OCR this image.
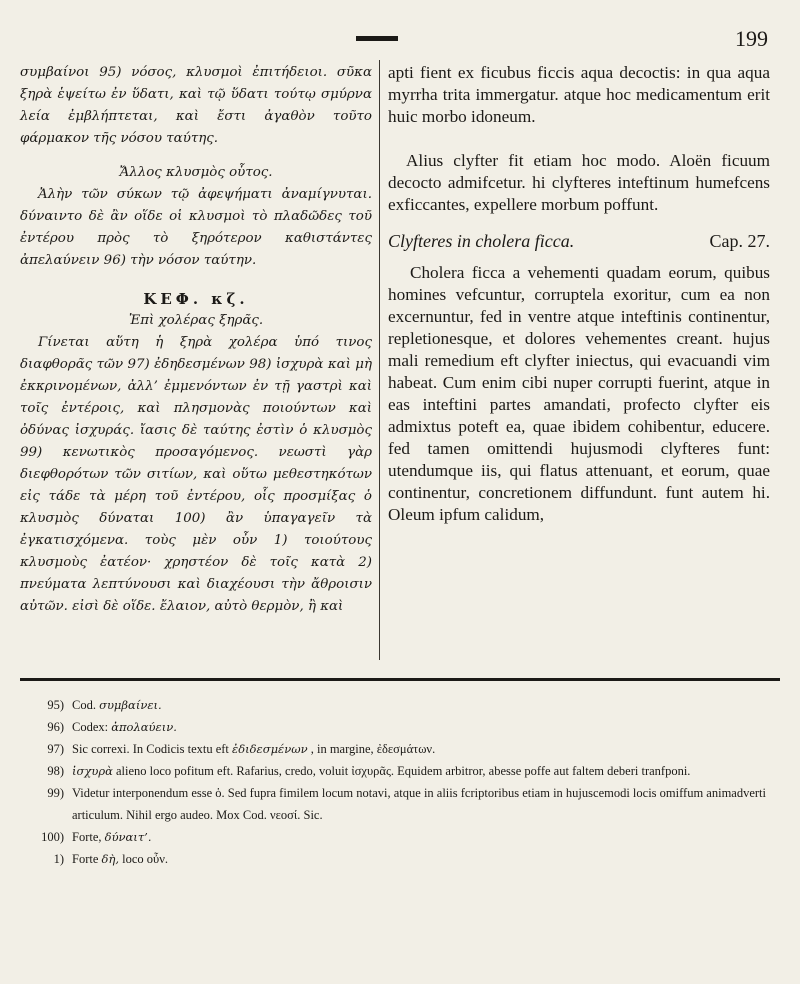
199

συμβαίνοι 95) νόσος, κλυσμοὶ ἐπιτήδειοι. σῦκα ξηρὰ ἑψείτω ἐν ὕδατι, καὶ τῷ ὕδατι τούτῳ σμύρνα λεία ἐμβλήπτεται, καὶ ἔστι ἀγαθὸν τοῦτο φάρμακον τῆς νόσου ταύτης.

Ἄλλος κλυσμὸς οὗτος.

Ἀλὴν τῶν σύκων τῷ ἀφεψήματι ἀναμίγνυται. δύναιντο δὲ ἂν οἵδε οἱ κλυσμοὶ τὸ πλαδῶδες τοῦ ἐντέρου πρὸς τὸ ξηρότερον καθιστάντες ἀπελαύνειν 96) τὴν νόσον ταύτην.

ΚΕΦ. κζ.

Ἐπὶ χολέρας ξηρᾶς.

Γίνεται αὕτη ἡ ξηρὰ χολέρα ὑπό τινος διαφθορᾶς τῶν 97) ἐδηδεσμένων 98) ἰσχυρὰ καὶ μὴ ἐκκρινομένων, ἀλλ’ ἐμμενόντων ἐν τῇ γαστρὶ καὶ τοῖς ἐντέροις, καὶ πλησμονὰς ποιούντων καὶ ὀδύνας ἰσχυράς. ἴασις δὲ ταύτης ἐστὶν ὁ κλυσμὸς 99) κενωτικὸς προσαγόμενος. νεωστὶ γὰρ διεφθορότων τῶν σιτίων, καὶ οὕτω μεθεστηκότων εἰς τάδε τὰ μέρη τοῦ ἐντέρου, οἷς προσμίξας ὁ κλυσμὸς δύναται 100) ἂν ὑπαγαγεῖν τὰ ἐγκατισχόμενα. τοὺς μὲν οὖν 1) τοιούτους κλυσμοὺς ἐατέον· χρηστέον δὲ τοῖς κατὰ 2) πνεύματα λεπτύνουσι καὶ διαχέουσι τὴν ἄθροισιν αὐτῶν. εἰσὶ δὲ οἵδε. ἔλαιον, αὐτὸ θερμὸν, ἢ καὶ

apti fient ex ficubus ficcis aqua decoctis: in qua aqua myrrha trita immergatur. atque hoc medicamentum erit huic morbo idoneum.

Alius clyfter fit etiam hoc modo. Aloën ficuum decocto admifcetur. hi clyfteres inteftinum humefcens exficcantes, expellere morbum poffunt.

Clyfteres in cholera ficca.	Cap. 27.

Cholera ficca a vehementi quadam eorum, quibus homines vefcuntur, corruptela exoritur, cum ea non excernuntur, fed in ventre atque inteftinis continentur, repletionesque, et dolores vehementes creant. hujus mali remedium eft clyfter iniectus, qui evacuandi vim habeat. Cum enim cibi nuper corrupti fuerint, atque in eas inteftini partes amandati, profecto clyfter eis admixtus poteft ea, quae ibidem cohibentur, educere. fed tamen omittendi hujusmodi clyfteres funt: utendumque iis, qui flatus attenuant, et eorum, quae continentur, concretionem diffundunt. funt autem hi. Oleum ipfum calidum,

95) Cod. συμβαίνει.
96) Codex: ἀπολαύειν.
97) Sic correxi. In Codicis textu eft ἐδιδεσμένων , in margine, ἐδεσμάτων.
98) ἰσχυρὰ alieno loco pofitum eft. Rafarius, credo, voluit ἰσχυρᾶς. Equidem arbitror, abesse poffe aut faltem deberi tranfponi.
99) Videtur interponendum esse ὁ. Sed fupra fimilem locum notavi, atque in aliis fcriptoribus etiam in hujuscemodi locis omiffum animadverti articulum. Nihil ergo audeo. Mox Cod. νεοσί. Sic.
100) Forte, δύναιτ’.
1) Forte δὴ, loco οὖν.
